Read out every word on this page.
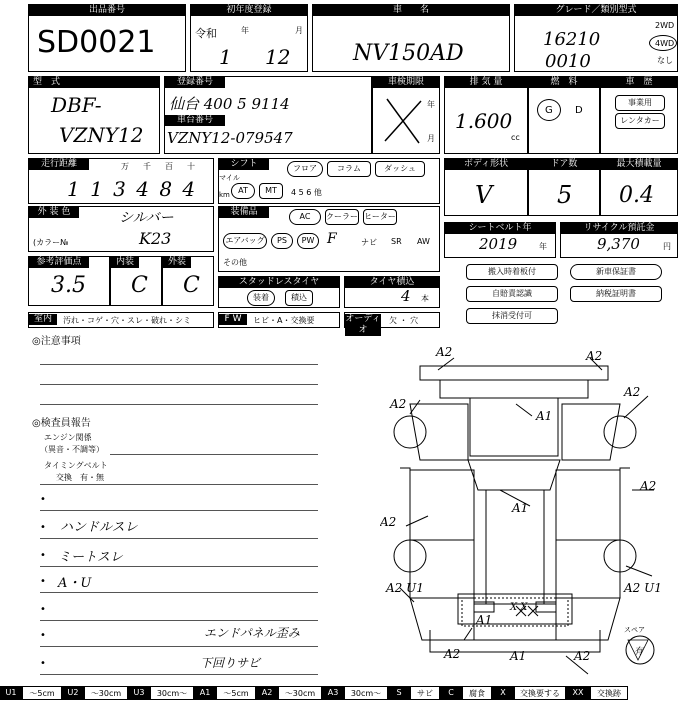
出品番号
SD0021
初年度登録
令和	年	月
1 12
車　　名
NV150AD
グレード／類別型式
16210
0010
2WD
4WD
なし
型　式
DBF-
VZNY12
登録番号
仙台 400 5 9114
車台番号
VZNY12-079547
車検期限
年
月
排 気 量
1.600
cc
燃　料
G D
車　歴
事業用
レンタカー
走行距離	万 千 百 十
1 1 3 4 8 4	マイル
km
シフト	フロア	コラム	ダッシュ
AT	MT	4 5 6 他
ボディ形状
V
ドア数
5
最大積載量
0.4
外 装 色	シルバー
(カラー№	K23
装備品	AC	クーラー ヒーター
エアバッグ	PS	PW F	ナビ SR AW
その他
シートベルト年
2019	年
リサイクル預託金
9,370	円
参考評価点
3.5
内装
C
外装
C	スタッドレスタイヤ
装着	積込
タイヤ積込
4 本
搬入時着板付	新車保証書
自賠責認識	納税証明書
抹消受付可
室内	汚れ・コゲ・穴・スレ・破れ・シミ	F W	ヒビ・A・交換要	オーディオ
欠 ・ 穴
◎注意事項
◎検査員報告
エンジン関係
（異音・不調等）
タイミングベルト
交換　有・無
•
• ハンドルスレ
• ミートスレ
• A・U
•
•	エンドパネル歪み
•	下回りサビ
A2	A2
A2
A1
A2
A2
A1
A2
A2 U1	A2 U1
A1
A2	A1	A2
X X
スペア
有
U1	〜5cm	U2	〜30cm	U3	30cm〜	A1	〜5cm	A2	〜30cm	A3	30cm〜	S	サビ	C	腐食	X	交換要する	XX	交換跡
